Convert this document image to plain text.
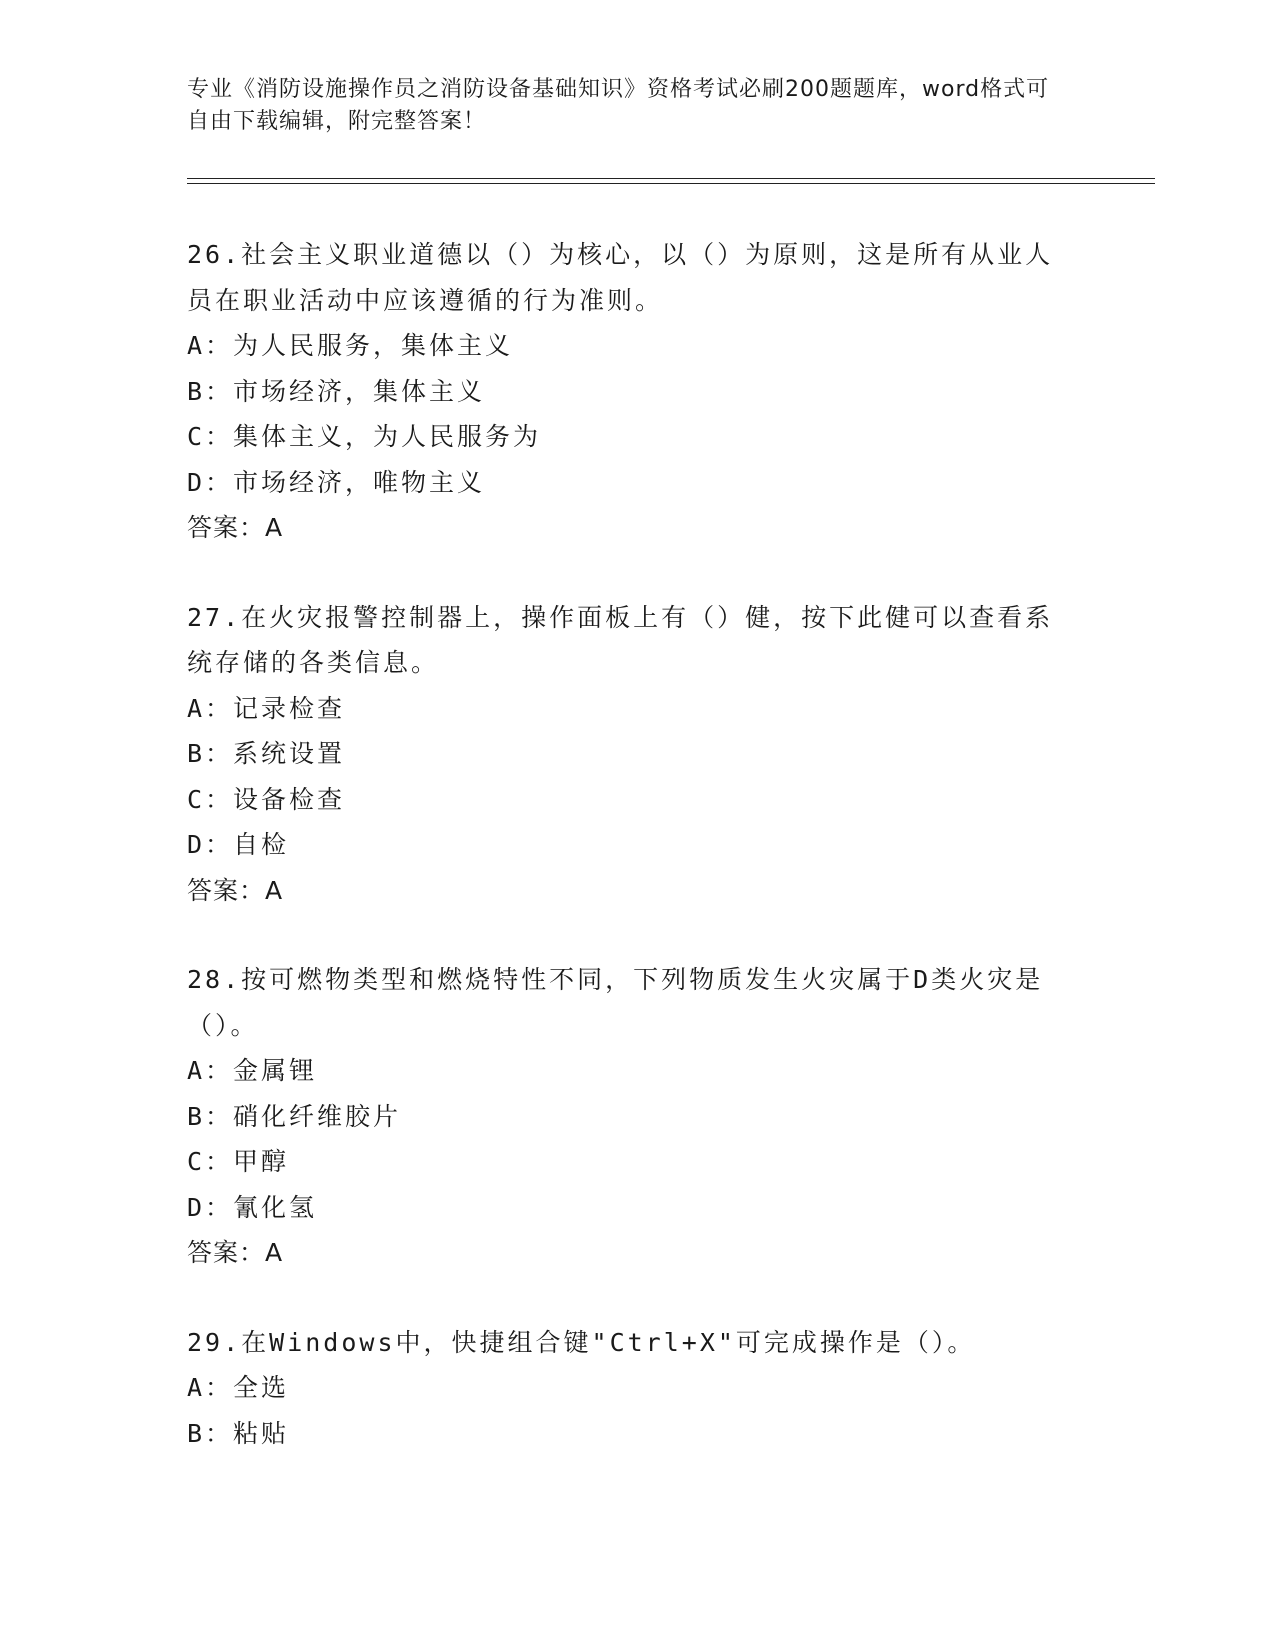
专业《消防设施操作员之消防设备基础知识》资格考试必刷200题题库，word格式可自由下载编辑，附完整答案！
26.社会主义职业道德以（）为核心，以（）为原则，这是所有从业人员在职业活动中应该遵循的行为准则。
A：为人民服务，集体主义
B：市场经济，集体主义
C：集体主义，为人民服务为
D：市场经济，唯物主义
答案：A
27.在火灾报警控制器上，操作面板上有（）健，按下此健可以查看系统存储的各类信息。
A：记录检查
B：系统设置
C：设备检查
D：自检
答案：A
28.按可燃物类型和燃烧特性不同，下列物质发生火灾属于D类火灾是（）。
A：金属锂
B：硝化纤维胶片
C：甲醇
D：氰化氢
答案：A
29.在Windows中，快捷组合键"Ctrl+X"可完成操作是（）。
A：全选
B：粘贴
